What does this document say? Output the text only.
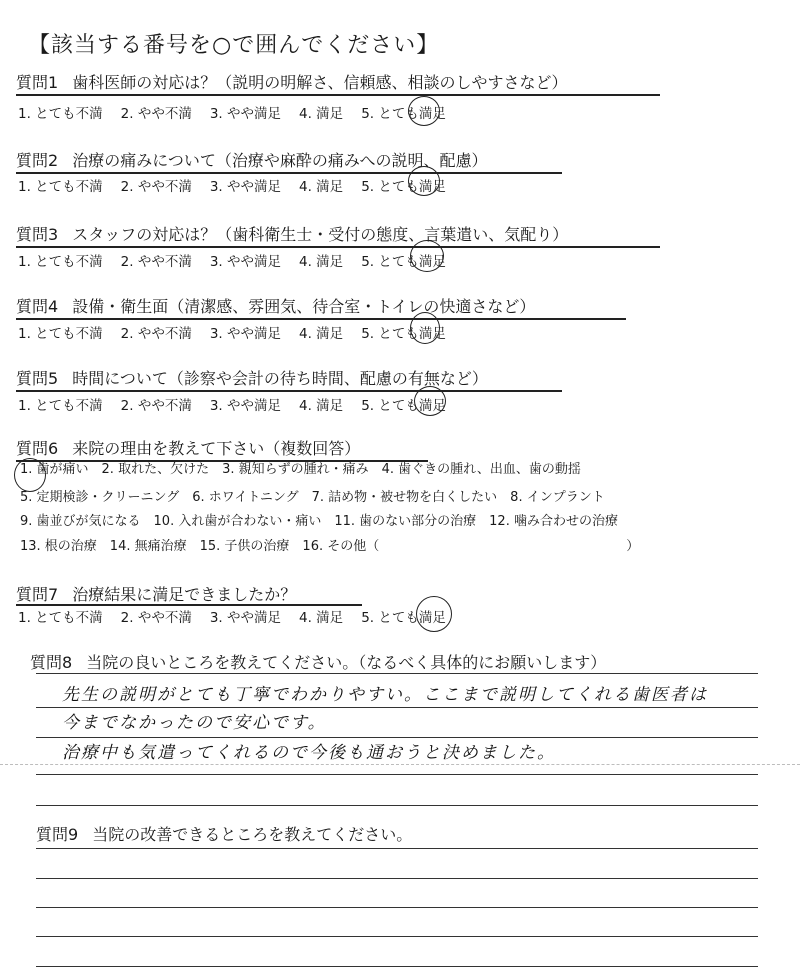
【該当する番号を○で囲んでください】
質問1 歯科医師の対応は？（説明の明解さ、信頼感、相談のしやすさなど）
1. とても不満 2. やや不満 3. やや満足 4. 満足 5. とても満足
質問2 治療の痛みについて（治療や麻酔の痛みへの説明、配慮）
1. とても不満 2. やや不満 3. やや満足 4. 満足 5. とても満足
質問3 スタッフの対応は？（歯科衛生士・受付の態度、言葉遣い、気配り）
1. とても不満 2. やや不満 3. やや満足 4. 満足 5. とても満足
質問4 設備・衛生面（清潔感、雰囲気、待合室・トイレの快適さなど）
1. とても不満 2. やや不満 3. やや満足 4. 満足 5. とても満足
質問5 時間について（診察や会計の待ち時間、配慮の有無など）
1. とても不満 2. やや不満 3. やや満足 4. 満足 5. とても満足
質問6 来院の理由を教えて下さい（複数回答）
1. 歯が痛い　2. 取れた、欠けた　3. 親知らずの腫れ・痛み　4. 歯ぐきの腫れ、出血、歯の動揺
5. 定期検診・クリーニング　6. ホワイトニング　7. 詰め物・被せ物を白くしたい　8. インプラント
9. 歯並びが気になる　10. 入れ歯が合わない・痛い　11. 歯のない部分の治療　12. 噛み合わせの治療
13. 根の治療　14. 無痛治療　15. 子供の治療　16. その他（　　　　　　　　　　　　　　　　　　　）
質問7 治療結果に満足できましたか？
1. とても不満 2. やや不満 3. やや満足 4. 満足 5. とても満足
質問8 当院の良いところを教えてください。（なるべく具体的にお願いします）
先生の説明がとても丁寧でわかりやすい。ここまで説明してくれる歯医者は
今までなかったので安心です。
治療中も気遣ってくれるので今後も通おうと決めました。
質問9 当院の改善できるところを教えてください。
